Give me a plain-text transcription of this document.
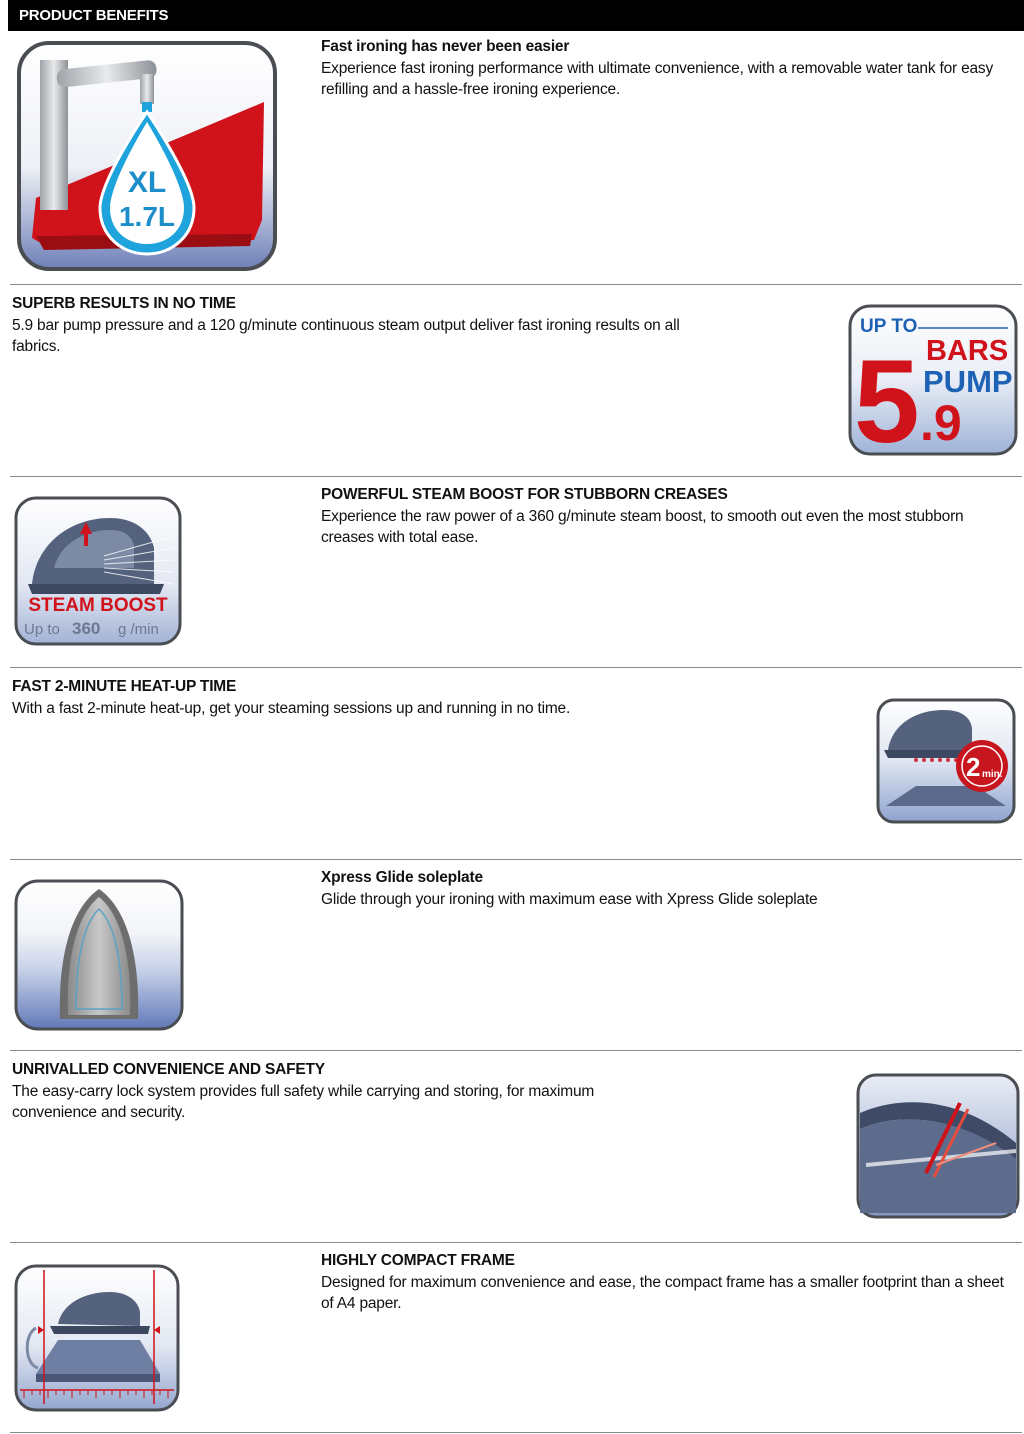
PRODUCT BENEFITS
XL
1.7L
Fast ironing has never been easier
Experience fast ironing performance with ultimate convenience, with a removable water tank for easy refilling and a hassle-free ironing experience.
SUPERB RESULTS IN NO TIME
5.9 bar pump pressure and a 120 g/minute continuous steam output deliver fast ironing results on all fabrics.
UP TO
5 BARS
PUMP
.9
STEAM BOOST
Up to 360 g /min
POWERFUL STEAM BOOST FOR STUBBORN CREASES
Experience the raw power of a 360 g/minute steam boost, to smooth out even the most stubborn creases with total ease.
FAST 2-MINUTE HEAT-UP TIME
With a fast 2-minute heat-up, get your steaming sessions up and running in no time.
2 min.
Xpress Glide soleplate
Glide through your ironing with maximum ease with Xpress Glide soleplate
UNRIVALLED CONVENIENCE AND SAFETY
The easy-carry lock system provides full safety while carrying and storing, for maximum convenience and security.
HIGHLY COMPACT FRAME
Designed for maximum convenience and ease, the compact frame has a smaller footprint than a sheet of A4 paper.
